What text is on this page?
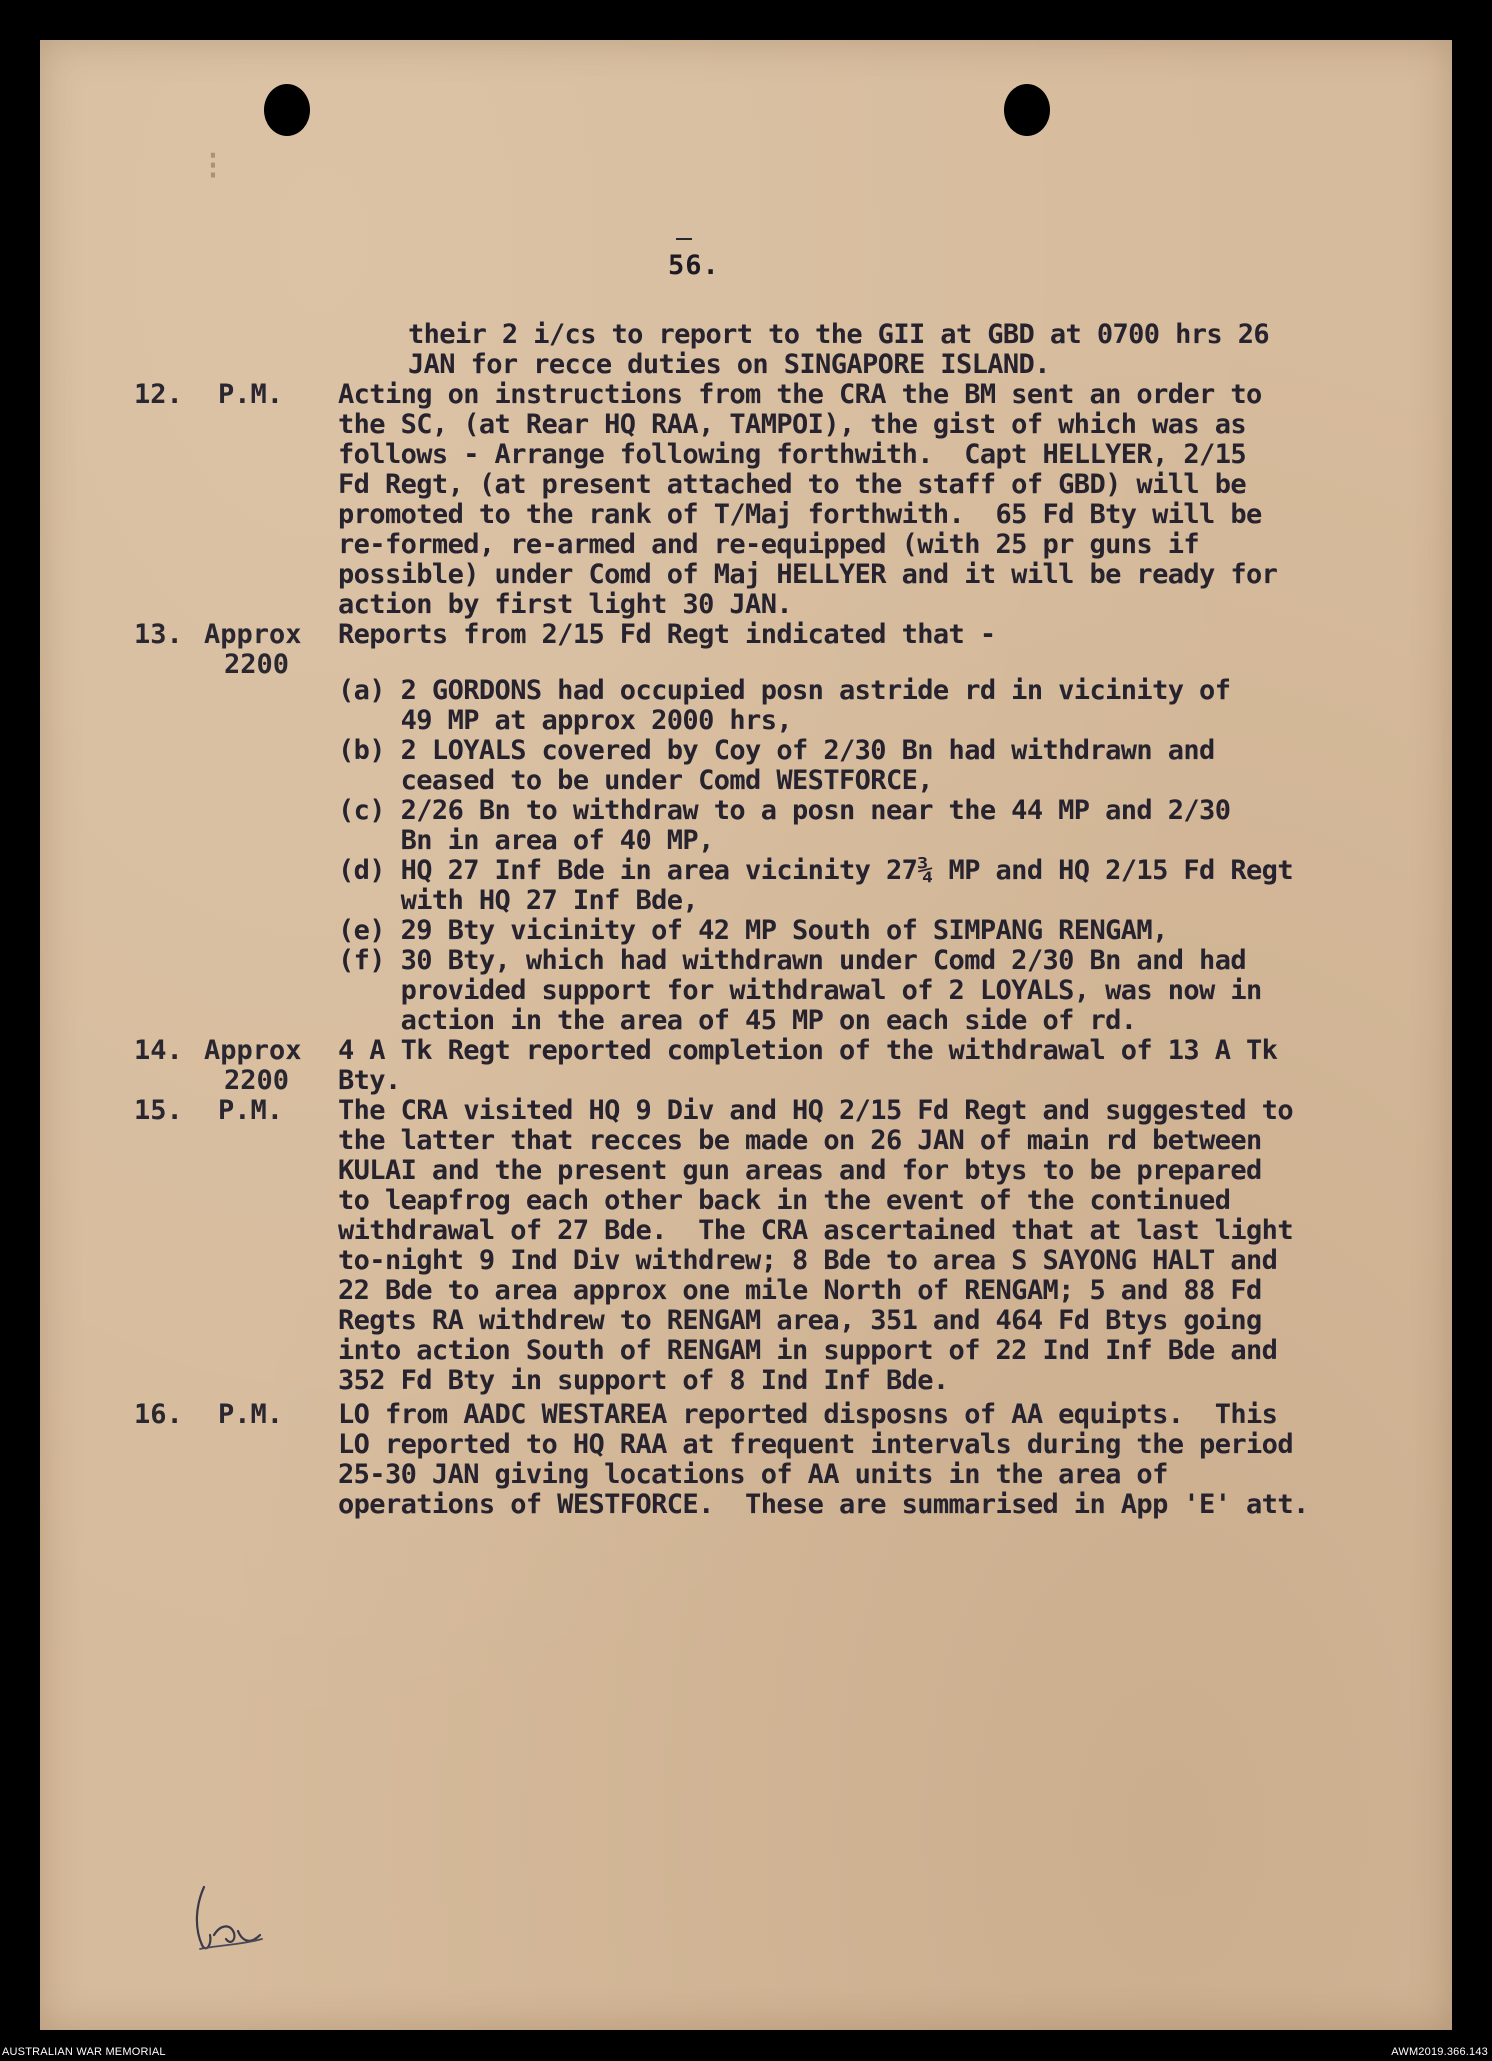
⁝
56.
their 2 i/cs to report to the GII at GBD at 0700 hrs 26
JAN for recce duties on SINGAPORE ISLAND.
12. P.M. Acting on instructions from the CRA the BM sent an order to
the SC, (at Rear HQ RAA, TAMPOI), the gist of which was as
follows - Arrange following forthwith.  Capt HELLYER, 2/15
Fd Regt, (at present attached to the staff of GBD) will be
promoted to the rank of T/Maj forthwith.  65 Fd Bty will be
re-formed, re-armed and re-equipped (with 25 pr guns if
possible) under Comd of Maj HELLYER and it will be ready for
action by first light 30 JAN.
13. Approx
2200
Reports from 2/15 Fd Regt indicated that -
(a) 2 GORDONS had occupied posn astride rd in vicinity of
49 MP at approx 2000 hrs,
(b) 2 LOYALS covered by Coy of 2/30 Bn had withdrawn and
ceased to be under Comd WESTFORCE,
(c) 2/26 Bn to withdraw to a posn near the 44 MP and 2/30
Bn in area of 40 MP,
(d) HQ 27 Inf Bde in area vicinity 27¾ MP and HQ 2/15 Fd Regt
with HQ 27 Inf Bde,
(e) 29 Bty vicinity of 42 MP South of SIMPANG RENGAM,
(f) 30 Bty, which had withdrawn under Comd 2/30 Bn and had
provided support for withdrawal of 2 LOYALS, was now in
action in the area of 45 MP on each side of rd.
14. Approx
2200
4 A Tk Regt reported completion of the withdrawal of 13 A Tk
Bty.
15. P.M. The CRA visited HQ 9 Div and HQ 2/15 Fd Regt and suggested to
the latter that recces be made on 26 JAN of main rd between
KULAI and the present gun areas and for btys to be prepared
to leapfrog each other back in the event of the continued
withdrawal of 27 Bde.  The CRA ascertained that at last light
to-night 9 Ind Div withdrew; 8 Bde to area S SAYONG HALT and
22 Bde to area approx one mile North of RENGAM; 5 and 88 Fd
Regts RA withdrew to RENGAM area, 351 and 464 Fd Btys going
into action South of RENGAM in support of 22 Ind Inf Bde and
352 Fd Bty in support of 8 Ind Inf Bde.
16. P.M. LO from AADC WESTAREA reported disposns of AA equipts.  This
LO reported to HQ RAA at frequent intervals during the period
25-30 JAN giving locations of AA units in the area of
operations of WESTFORCE.  These are summarised in App 'E' att.
AUSTRALIAN WAR MEMORIAL	AWM2019.366.143
